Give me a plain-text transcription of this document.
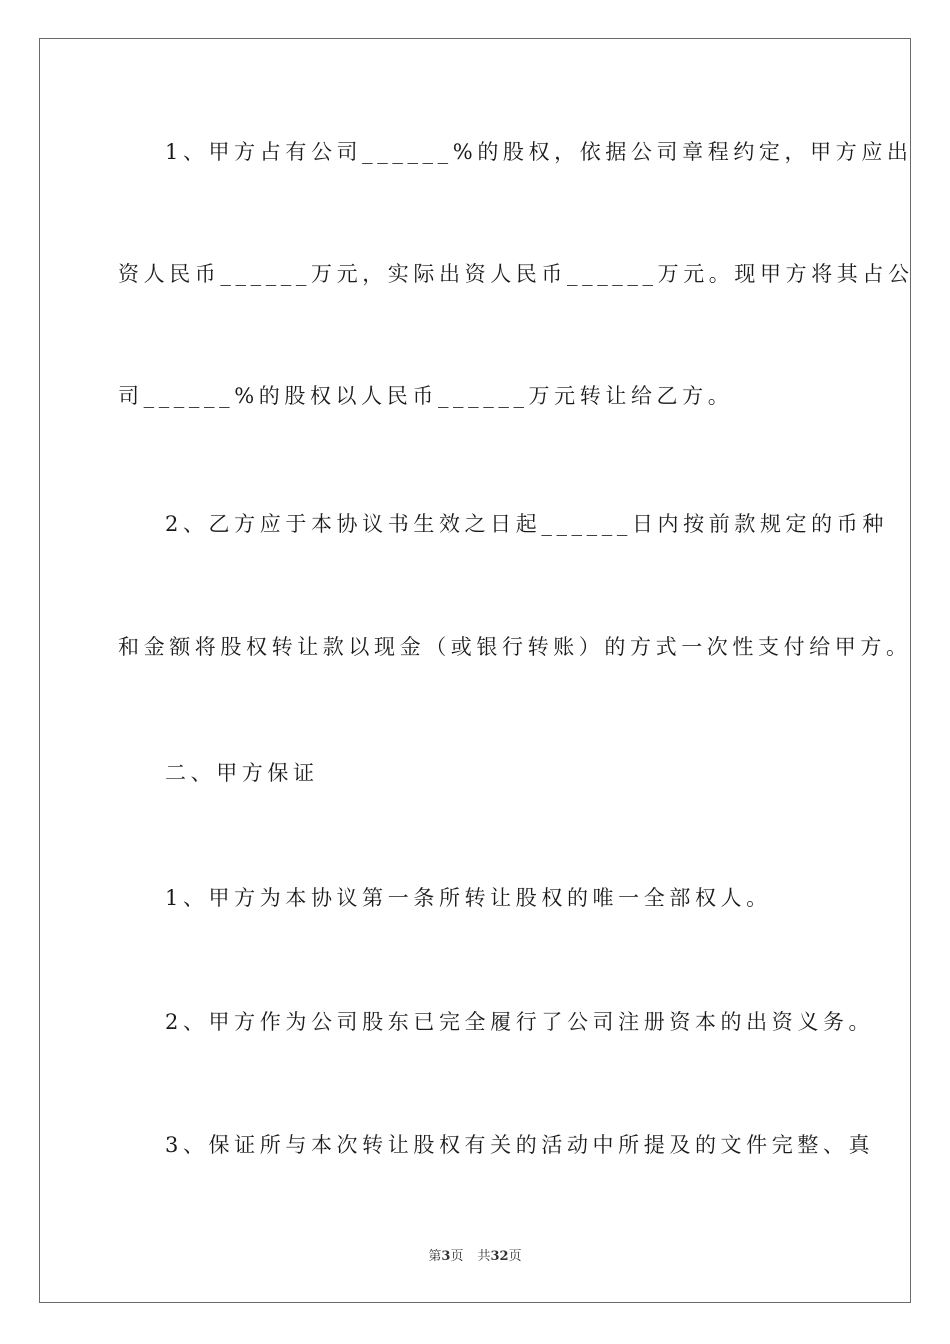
1、甲方占有公司______%的股权，依据公司章程约定，甲方应出
资人民币______万元，实际出资人民币______万元。现甲方将其占公
司______%的股权以人民币______万元转让给乙方。
2、乙方应于本协议书生效之日起______日内按前款规定的币种
和金额将股权转让款以现金（或银行转账）的方式一次性支付给甲方。
二、甲方保证
1、甲方为本协议第一条所转让股权的唯一全部权人。
2、甲方作为公司股东已完全履行了公司注册资本的出资义务。
3、保证所与本次转让股权有关的活动中所提及的文件完整、真
第3页 共32页
